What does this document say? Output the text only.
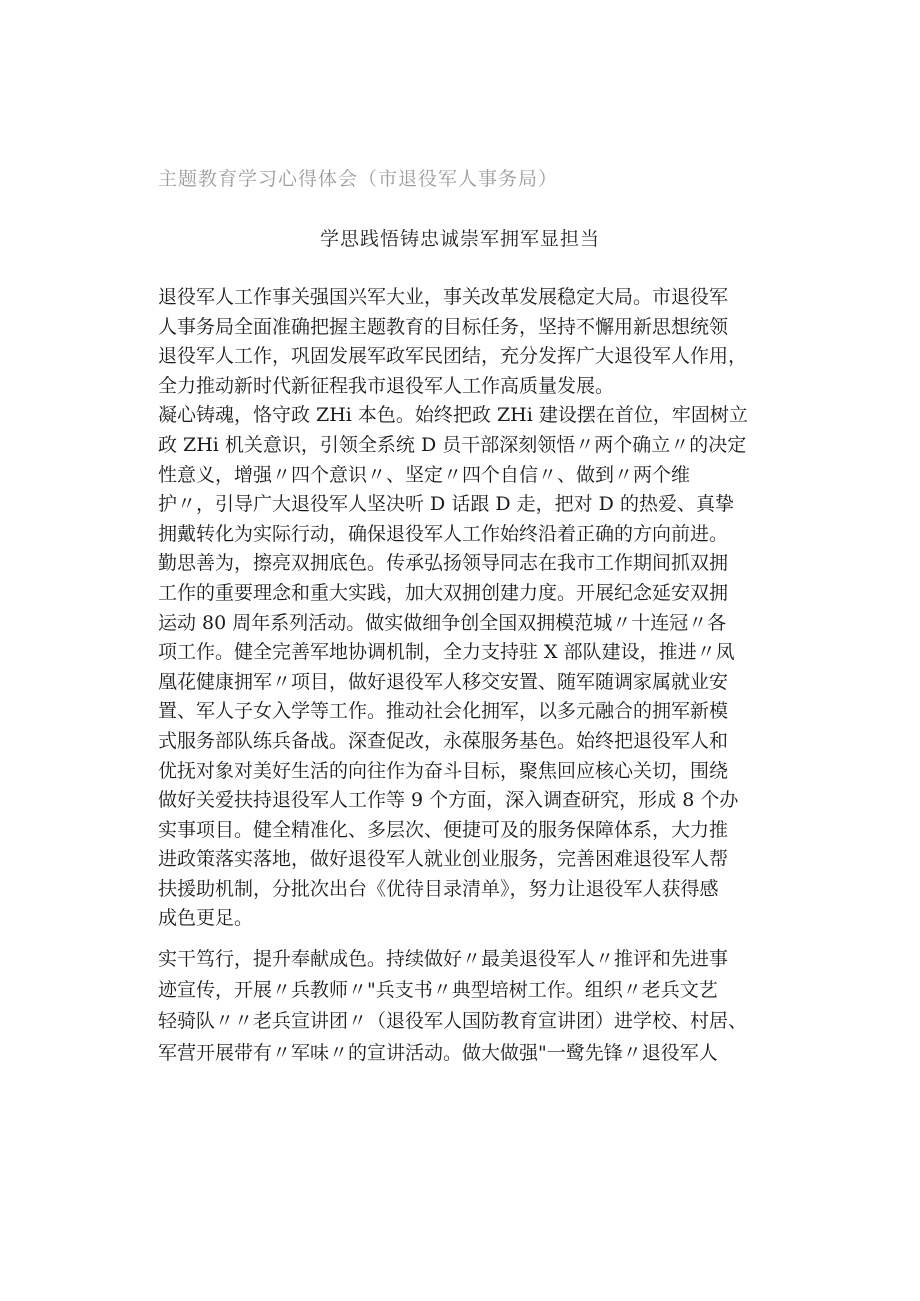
主题教育学习心得体会（市退役军人事务局）
学思践悟铸忠诚崇军拥军显担当

退役军人工作事关强国兴军大业，事关改革发展稳定大局。市退役军
人事务局全面准确把握主题教育的目标任务，坚持不懈用新思想统领
退役军人工作，巩固发展军政军民团结，充分发挥广大退役军人作用，
全力推动新时代新征程我市退役军人工作高质量发展。

凝心铸魂，恪守政 ZHi 本色。始终把政 ZHi 建设摆在首位，牢固树立
政 ZHi 机关意识，引领全系统 D 员干部深刻领悟〃两个确立〃的决定
性意义，增强〃四个意识〃、坚定〃四个自信〃、做到〃两个维
护〃，引导广大退役军人坚决听 D 话跟 D 走，把对 D 的热爱、真挚
拥戴转化为实际行动，确保退役军人工作始终沿着正确的方向前进。

勤思善为，擦亮双拥底色。传承弘扬领导同志在我市工作期间抓双拥
工作的重要理念和重大实践，加大双拥创建力度。开展纪念延安双拥
运动 80 周年系列活动。做实做细争创全国双拥模范城〃十连冠〃各
项工作。健全完善军地协调机制，全力支持驻 X 部队建设，推进〃凤
凰花健康拥军〃项目，做好退役军人移交安置、随军随调家属就业安
置、军人子女入学等工作。推动社会化拥军，以多元融合的拥军新模
式服务部队练兵备战。深查促改，永葆服务基色。始终把退役军人和
优抚对象对美好生活的向往作为奋斗目标，聚焦回应核心关切，围绕
做好关爱扶持退役军人工作等 9 个方面，深入调查研究，形成 8 个办
实事项目。健全精准化、多层次、便捷可及的服务保障体系，大力推
进政策落实落地，做好退役军人就业创业服务，完善困难退役军人帮
扶援助机制，分批次出台《优待目录清单》，努力让退役军人获得感
成色更足。

实干笃行，提升奉献成色。持续做好〃最美退役军人〃推评和先进事
迹宣传，开展〃兵教师〃"兵支书〃典型培树工作。组织〃老兵文艺
轻骑队〃〃老兵宣讲团〃（退役军人国防教育宣讲团）进学校、村居、
军营开展带有〃军味〃的宣讲活动。做大做强"一鹭先锋〃退役军人
